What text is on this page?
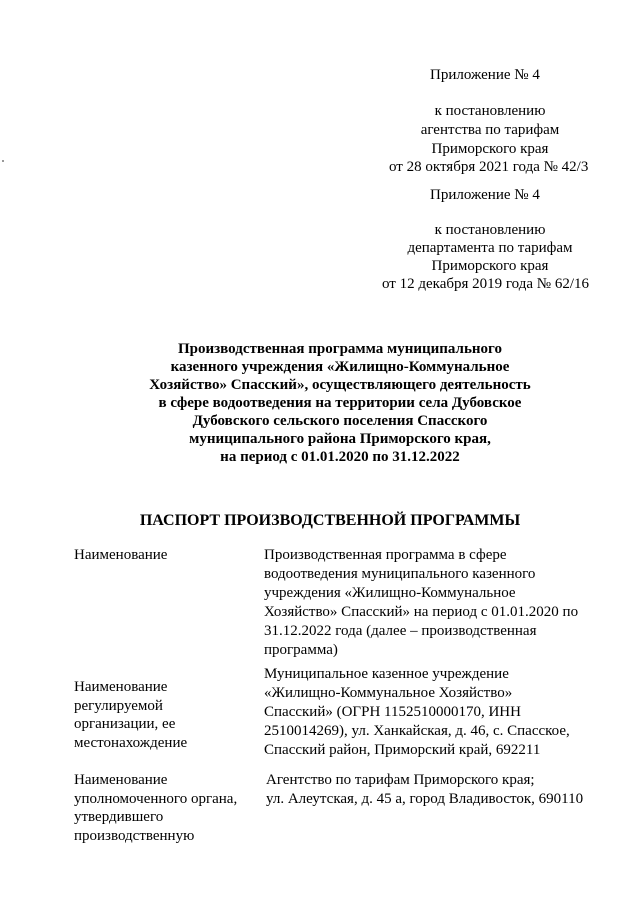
Приложение № 4
к постановлению
агентства по тарифам
Приморского края
от 28 октября 2021 года № 42/3
Приложение № 4
к постановлению
департамента по тарифам
Приморского края
от 12 декабря 2019 года № 62/16
Производственная программа муниципального
казенного учреждения «Жилищно-Коммунальное
Хозяйство» Спасский», осуществляющего деятельность
в сфере водоотведения на территории села Дубовское
Дубовского сельского поселения Спасского
муниципального района Приморского края,
на период с 01.01.2020 по 31.12.2022
ПАСПОРТ ПРОИЗВОДСТВЕННОЙ ПРОГРАММЫ
Наименование	Производственная программа в сфере
водоотведения муниципального казенного
учреждения «Жилищно-Коммунальное
Хозяйство» Спасский» на период с 01.01.2020 по
31.12.2022 года (далее – производственная
программа)
Наименование
регулируемой
организации, ее
местонахождение
Муниципальное казенное учреждение
«Жилищно-Коммунальное Хозяйство»
Спасский» (ОГРН 1152510000170, ИНН
2510014269), ул. Ханкайская, д. 46, с. Спасское,
Спасский район, Приморский край, 692211
Наименование
уполномоченного органа,
утвердившего
производственную
Агентство по тарифам Приморского края;
ул. Алеутская, д. 45 а, город Владивосток, 690110
